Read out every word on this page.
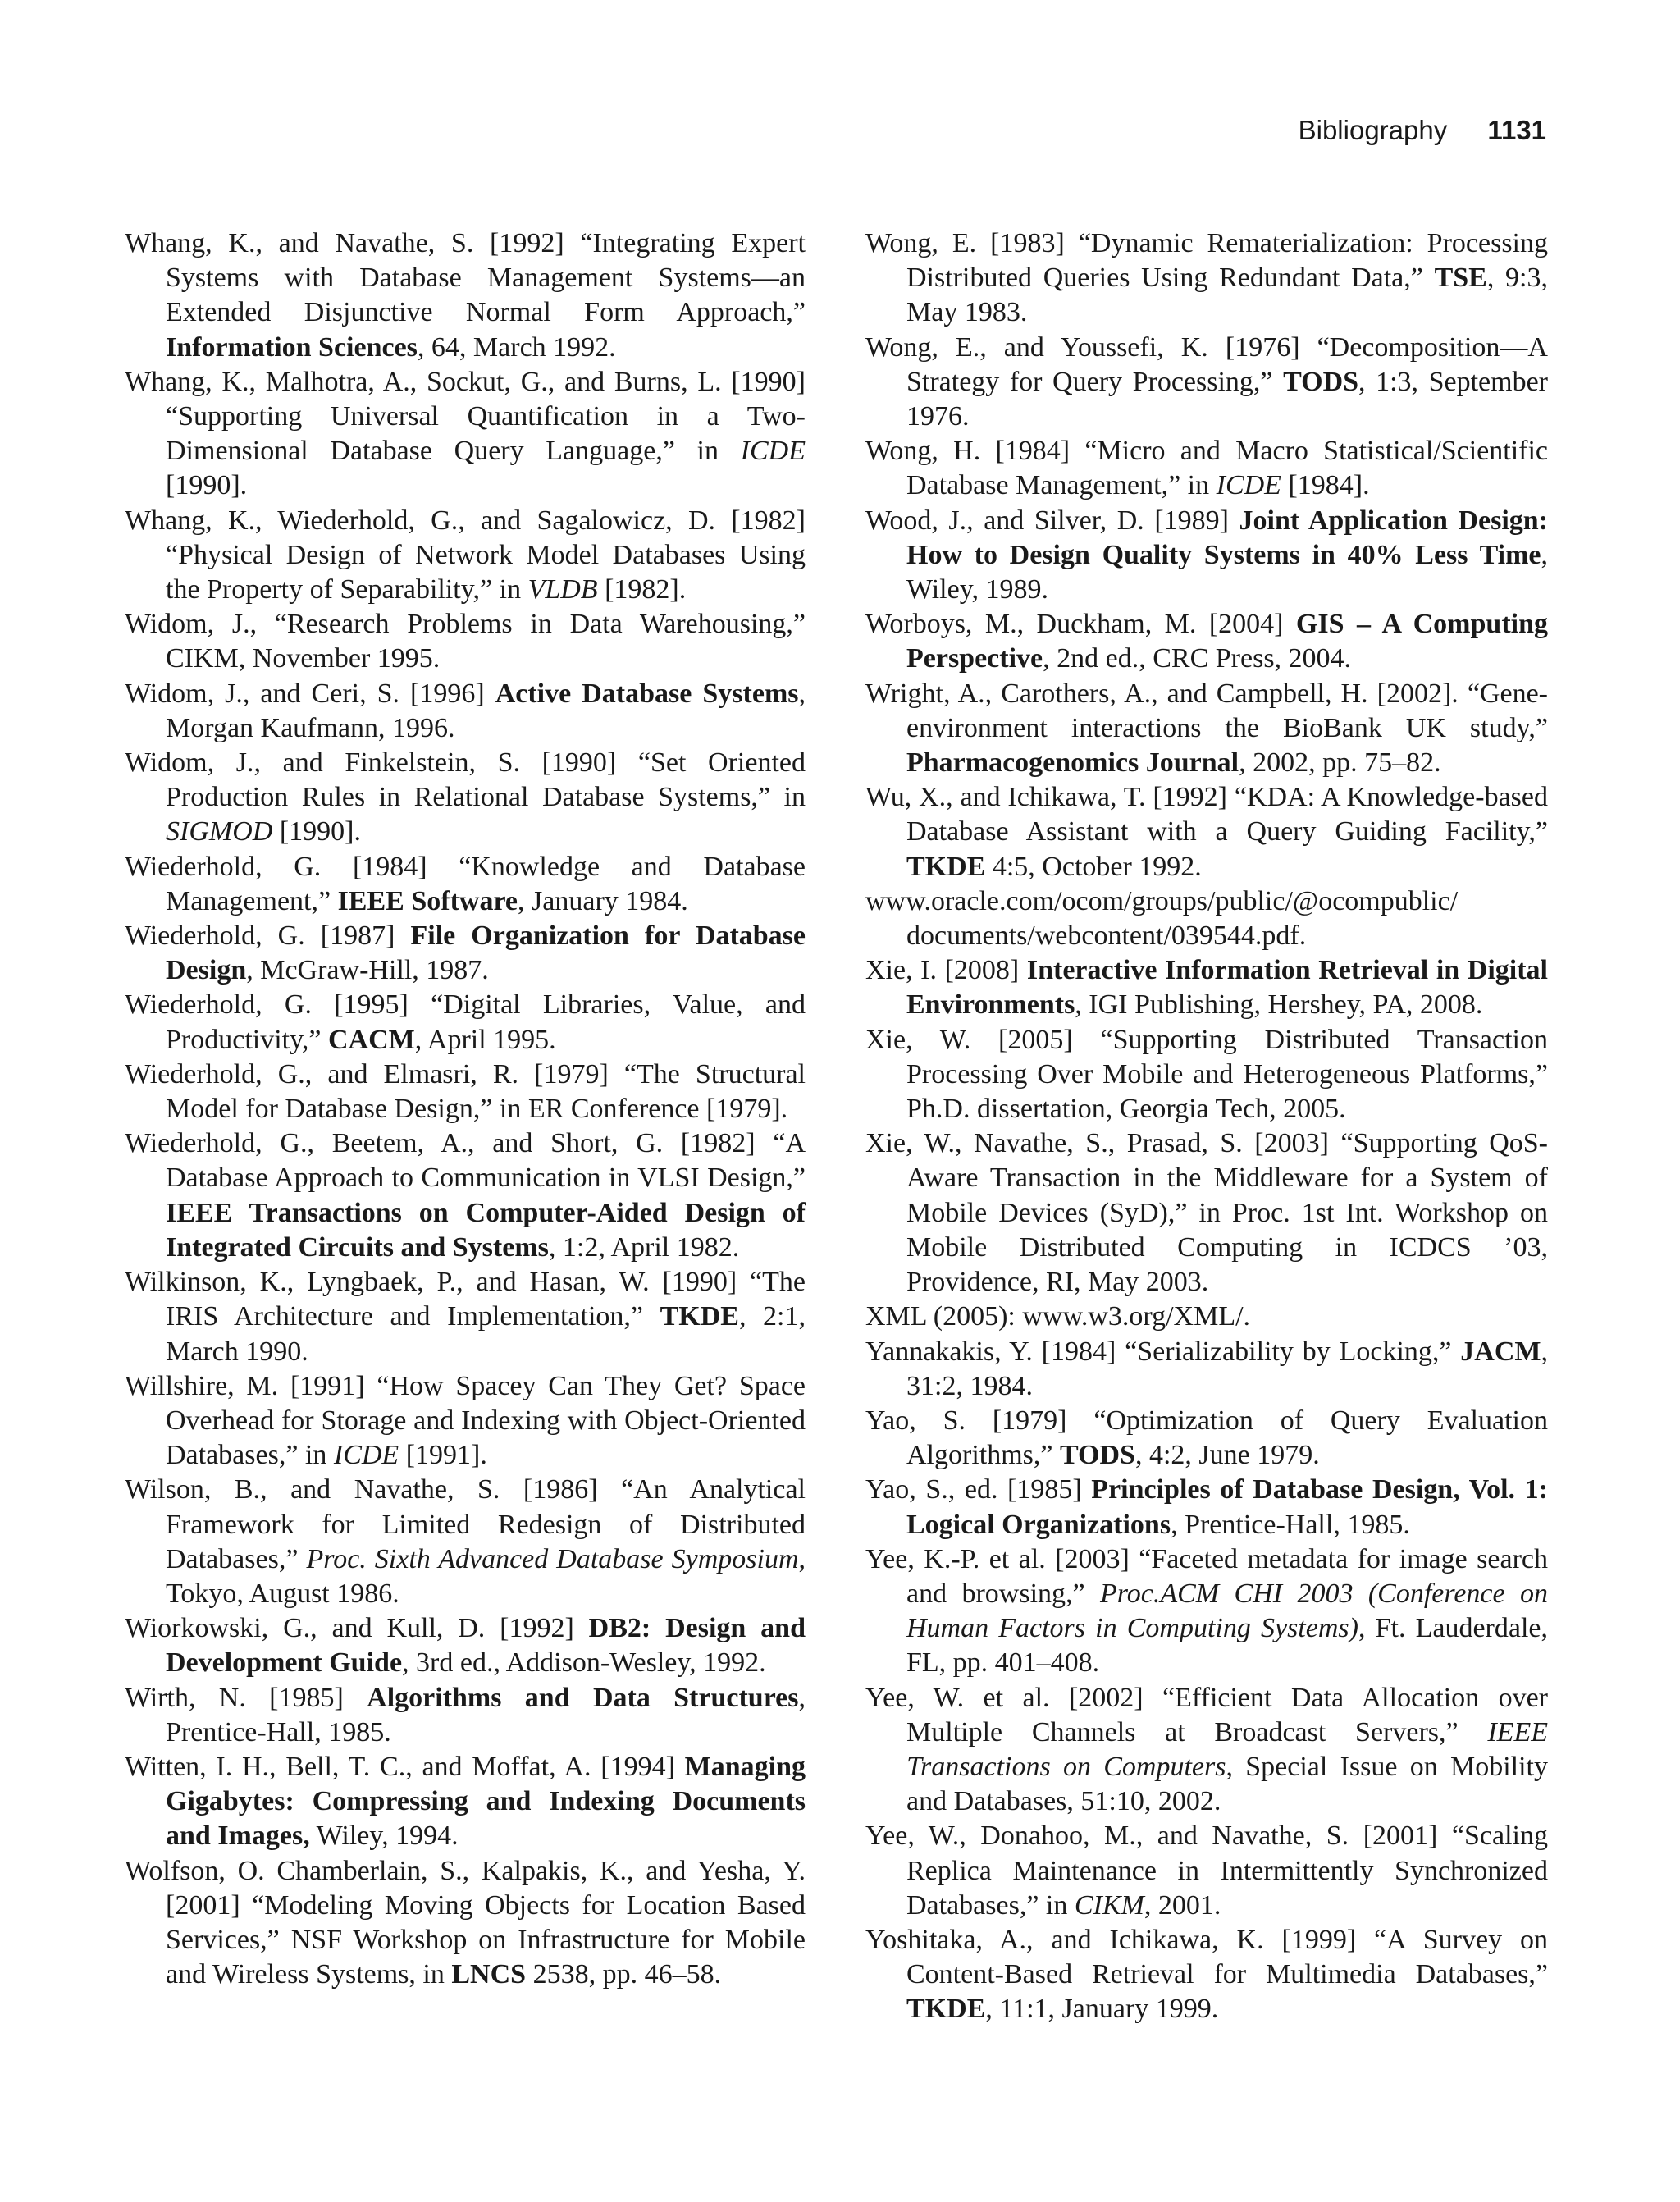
Bibliography 1131

Whang, K., and Navathe, S. [1992] “Integrating Expert Systems with Database Management Systems—an Extended Disjunctive Normal Form Approach,” Information Sciences, 64, March 1992.

Whang, K., Malhotra, A., Sockut, G., and Burns, L. [1990] “Supporting Universal Quantification in a Two-Dimensional Database Query Language,” in ICDE [1990].

Whang, K., Wiederhold, G., and Sagalowicz, D. [1982] “Physical Design of Network Model Databases Using the Property of Separability,” in VLDB [1982].

Widom, J., “Research Problems in Data Warehousing,” CIKM, November 1995.

Widom, J., and Ceri, S. [1996] Active Database Systems, Morgan Kaufmann, 1996.

Widom, J., and Finkelstein, S. [1990] “Set Oriented Production Rules in Relational Database Systems,” in SIGMOD [1990].

Wiederhold, G. [1984] “Knowledge and Database Management,” IEEE Software, January 1984.

Wiederhold, G. [1987] File Organization for Database Design, McGraw-Hill, 1987.

Wiederhold, G. [1995] “Digital Libraries, Value, and Productivity,” CACM, April 1995.

Wiederhold, G., and Elmasri, R. [1979] “The Structural Model for Database Design,” in ER Conference [1979].

Wiederhold, G., Beetem, A., and Short, G. [1982] “A Database Approach to Communication in VLSI Design,” IEEE Transactions on Computer-Aided Design of Integrated Circuits and Systems, 1:2, April 1982.

Wilkinson, K., Lyngbaek, P., and Hasan, W. [1990] “The IRIS Architecture and Implementation,” TKDE, 2:1, March 1990.

Willshire, M. [1991] “How Spacey Can They Get? Space Overhead for Storage and Indexing with Object-Oriented Databases,” in ICDE [1991].

Wilson, B., and Navathe, S. [1986] “An Analytical Framework for Limited Redesign of Distributed Databases,” Proc. Sixth Advanced Database Symposium, Tokyo, August 1986.

Wiorkowski, G., and Kull, D. [1992] DB2: Design and Development Guide, 3rd ed., Addison-Wesley, 1992.

Wirth, N. [1985] Algorithms and Data Structures, Prentice-Hall, 1985.

Witten, I. H., Bell, T. C., and Moffat, A. [1994] Managing Gigabytes: Compressing and Indexing Documents and Images, Wiley, 1994.

Wolfson, O. Chamberlain, S., Kalpakis, K., and Yesha, Y. [2001] “Modeling Moving Objects for Location Based Services,” NSF Workshop on Infrastructure for Mobile and Wireless Systems, in LNCS 2538, pp. 46–58.

Wong, E. [1983] “Dynamic Rematerialization: Processing Distributed Queries Using Redundant Data,” TSE, 9:3, May 1983.

Wong, E., and Youssefi, K. [1976] “Decomposition—A Strategy for Query Processing,” TODS, 1:3, September 1976.

Wong, H. [1984] “Micro and Macro Statistical/Scientific Database Management,” in ICDE [1984].

Wood, J., and Silver, D. [1989] Joint Application Design: How to Design Quality Systems in 40% Less Time, Wiley, 1989.

Worboys, M., Duckham, M. [2004] GIS – A Computing Perspective, 2nd ed., CRC Press, 2004.

Wright, A., Carothers, A., and Campbell, H. [2002]. “Gene-environment interactions the BioBank UK study,” Pharmacogenomics Journal, 2002, pp. 75–82.

Wu, X., and Ichikawa, T. [1992] “KDA: A Knowledge-based Database Assistant with a Query Guiding Facility,” TKDE 4:5, October 1992.

www.oracle.com/ocom/groups/public/@ocompublic/ documents/webcontent/039544.pdf.

Xie, I. [2008] Interactive Information Retrieval in Digital Environments, IGI Publishing, Hershey, PA, 2008.

Xie, W. [2005] “Supporting Distributed Transaction Processing Over Mobile and Heterogeneous Platforms,” Ph.D. dissertation, Georgia Tech, 2005.

Xie, W., Navathe, S., Prasad, S. [2003] “Supporting QoS-Aware Transaction in the Middleware for a System of Mobile Devices (SyD),” in Proc. 1st Int. Workshop on Mobile Distributed Computing in ICDCS ’03, Providence, RI, May 2003.

XML (2005): www.w3.org/XML/.

Yannakakis, Y. [1984] “Serializability by Locking,” JACM, 31:2, 1984.

Yao, S. [1979] “Optimization of Query Evaluation Algorithms,” TODS, 4:2, June 1979.

Yao, S., ed. [1985] Principles of Database Design, Vol. 1: Logical Organizations, Prentice-Hall, 1985.

Yee, K.-P. et al. [2003] “Faceted metadata for image search and browsing,” Proc.ACM CHI 2003 (Conference on Human Factors in Computing Systems), Ft. Lauderdale, FL, pp. 401–408.

Yee, W. et al. [2002] “Efficient Data Allocation over Multiple Channels at Broadcast Servers,” IEEE Transactions on Computers, Special Issue on Mobility and Databases, 51:10, 2002.

Yee, W., Donahoo, M., and Navathe, S. [2001] “Scaling Replica Maintenance in Intermittently Synchronized Databases,” in CIKM, 2001.

Yoshitaka, A., and Ichikawa, K. [1999] “A Survey on Content-Based Retrieval for Multimedia Databases,” TKDE, 11:1, January 1999.
